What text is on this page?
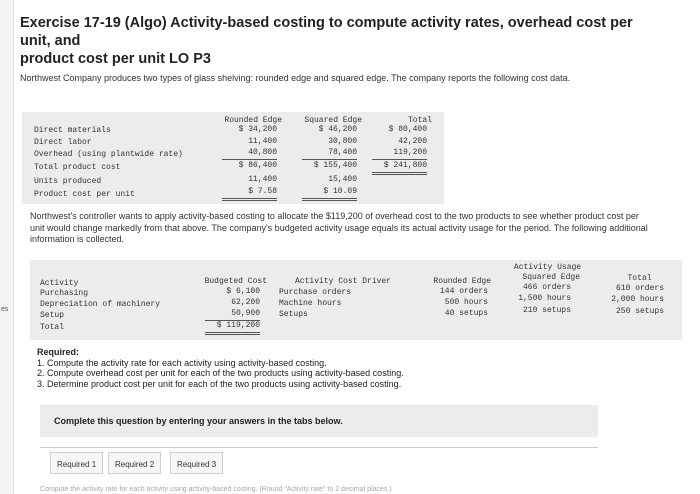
es
Exercise 17-19 (Algo) Activity-based costing to compute activity rates, overhead cost per unit, and
product cost per unit LO P3
Northwest Company produces two types of glass shelving: rounded edge and squared edge. The company reports the following cost data.
Rounded Edge	Squared Edge	Total
Direct materials	$ 34,200	$ 46,200	$ 80,400
Direct labor	11,400	30,800	42,200
Overhead (using plantwide rate)	40,800	78,400	119,200
Total product cost	$ 86,400	$ 155,400	$ 241,800
Units produced	11,400	15,400
Product cost per unit	$ 7.58	$ 10.09
Northwest's controller wants to apply activity-based costing to allocate the $119,200 of overhead cost to the two products to see whether product cost per unit would change markedly from that above. The company's budgeted activity usage equals its actual activity usage for the period. The following additional information is collected.
Activity Usage
Activity	Budgeted Cost	Activity Cost Driver	Rounded Edge	Squared Edge	Total
Purchasing	$ 6,100 Purchase orders	144 orders	466 orders	610 orders
Depreciation of machinery	62,200 Machine hours	500 hours	1,500 hours	2,000 hours
Setup	50,900 Setups	40 setups	210 setups	250 setups
Total	$ 119,200
Required:
1. Compute the activity rate for each activity using activity-based costing.
2. Compute overhead cost per unit for each of the two products using activity-based costing.
3. Determine product cost per unit for each of the two products using activity-based costing.
Complete this question by entering your answers in the tabs below.
Required 1	Required 2	Required 3
Compute the activity rate for each activity using activity-based costing. (Round "Activity rate" to 2 decimal places.)
